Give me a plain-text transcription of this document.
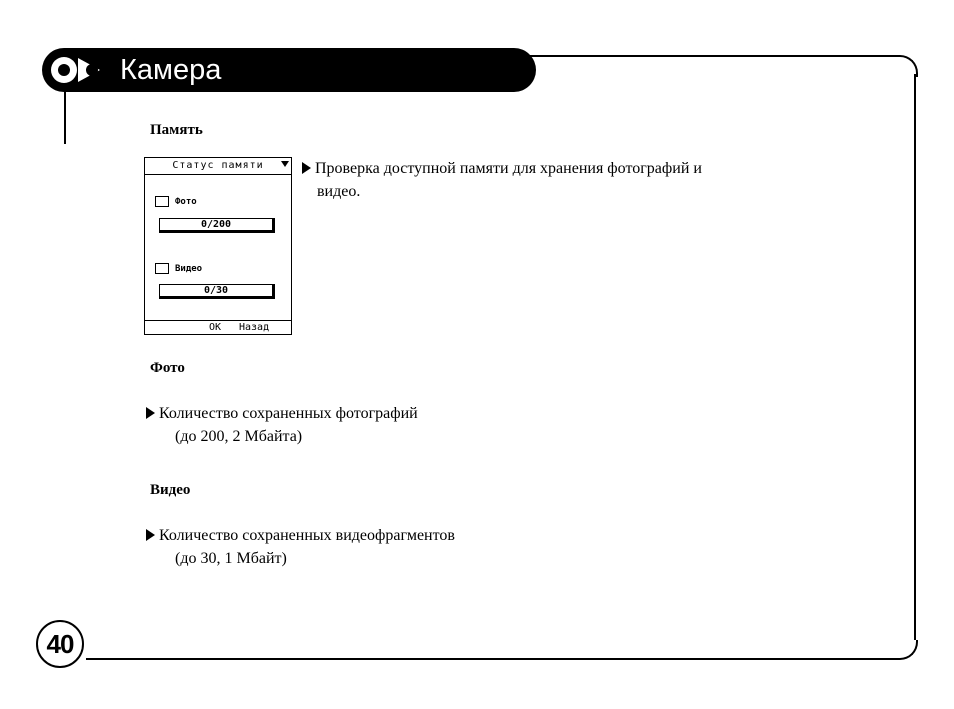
Камера
Память
Статус памяти
Фото
0/200
Видео
0/30
OK Назад

Проверка доступной памяти для хранения фотографий и
видео.

Фото

Количество сохраненных фотографий
(до 200, 2 Мбайта)

Видео

Количество сохраненных видеофрагментов
(до 30, 1 Мбайт)

40
